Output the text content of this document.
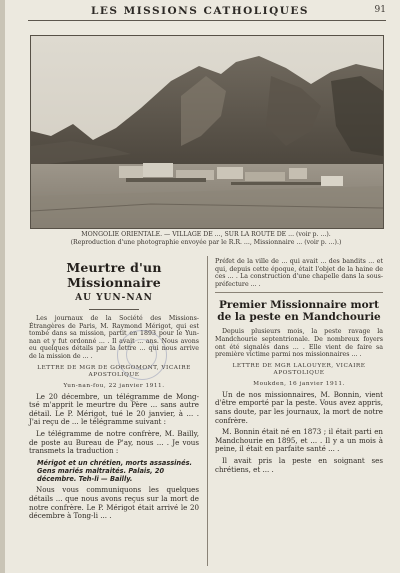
LES MISSIONS CATHOLIQUES	91
MONGOLIE ORIENTALE. — VILLAGE DE ..., SUR LA ROUTE DE ... (voir p. ...).
(Reproduction d'une photographie envoyée par le R.R. ..., Missionnaire ... (voir p. ...).)
Meurtre d'un Missionnaire
AU YUN-NAN

Les journaux de la Société des Missions-Étrangères de Paris, M. Raymond Mérigot, qui est tombé dans sa mission, partit en 1893 pour le Yun-nan et y fut ordonné ... . Il avait ... ans. Nous avons eu quelques détails par la lettre ... qui nous arrive de la mission de ... .

LETTRE DE MGR DE GORGOMONT, VICAIRE APOSTOLIQUE
Yun-nan-fou, 22 janvier 1911.

Le 20 décembre, un télégramme de Mong-tsé m'apprit le meurtre du Père ... sans autre détail. Le P. Mérigot, tué le 20 janvier, à ... . J'ai reçu de ... le télégramme suivant :

Le télégramme de notre confrère, M. Bailly, de poste au Bureau de P'ay, nous ... . Je vous transmets la traduction :

Mérigot et un chrétien, morts assassinés. Gens mariés maltraités. Palais, 20 décembre. Teh-li — Bailly.

Nous vous communiquons les quelques détails ... que nous avons reçus sur la mort de notre confrère. Le P. Mérigot était arrivé le 20 décembre à Tong-li ... .

Préfet de la ville de ... qui avait ... des bandits ... et qui, depuis cette époque, était l'objet de la haine de ces ... . La construction d'une chapelle dans la sous-préfecture ... .

Premier Missionnaire mort de la peste en Mandchourie

Depuis plusieurs mois, la peste ravage la Mandchourie septentrionale. De nombreux foyers ont été signalés dans ... . Elle vient de faire sa première victime parmi nos missionnaires ... .

LETTRE DE MGR LALOUYER, VICAIRE APOSTOLIQUE
Moukden, 16 janvier 1911.

Un de nos missionnaires, M. Bonnin, vient d'être emporté par la peste. Vous avez appris, sans doute, par les journaux, la mort de notre confrère.

M. Bonnin était né en 1873 ; il était parti en Mandchourie en 1895, et ... . Il y a un mois à peine, il était en parfaite santé ... .

Il avait pris la peste en soignant ses chrétiens, et ... .
